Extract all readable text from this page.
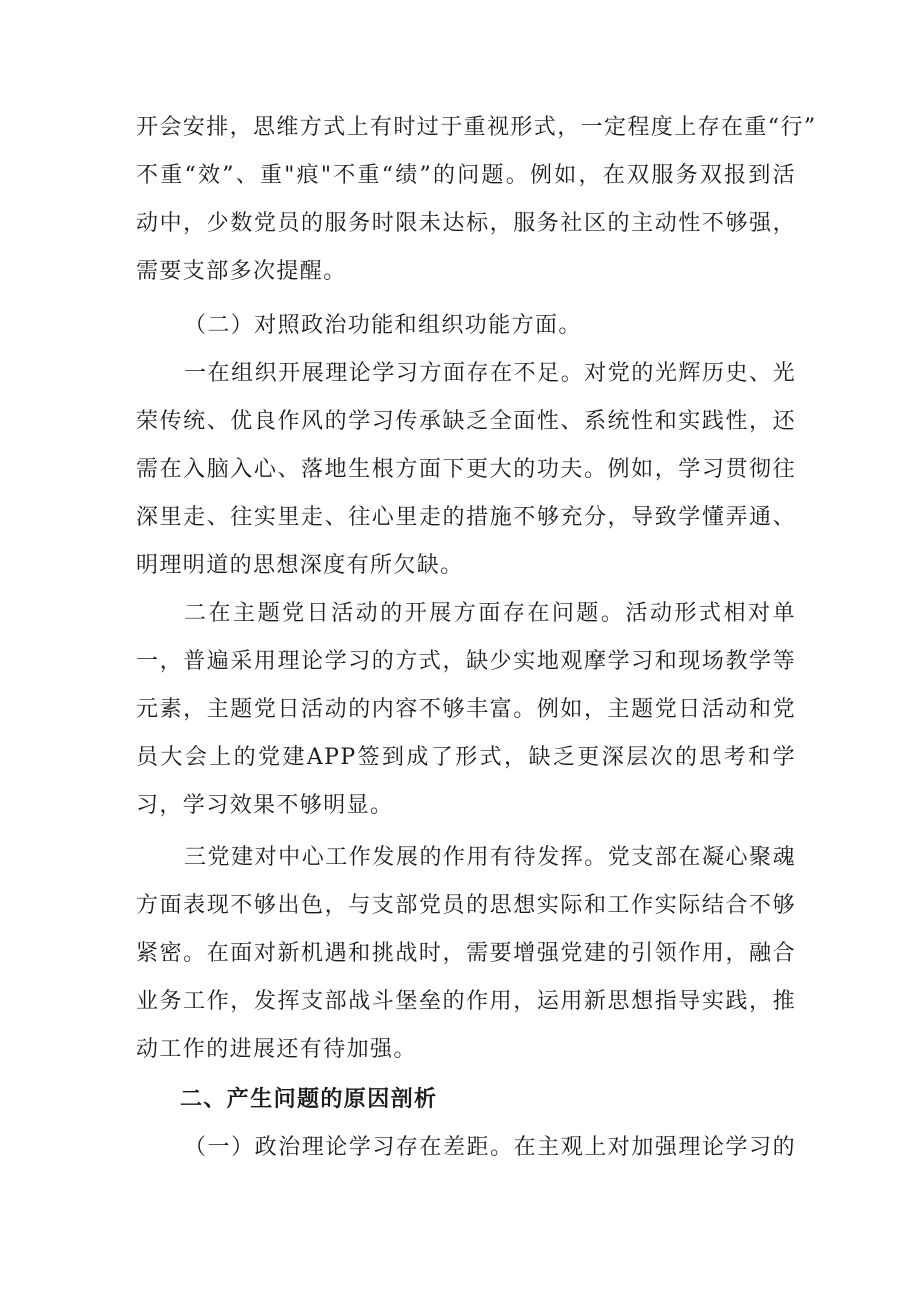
开会安排，思维方式上有时过于重视形式，一定程度上存在重“行”
不重“效”、重"痕"不重“绩”的问题。例如，在双服务双报到活
动中，少数党员的服务时限未达标，服务社区的主动性不够强，
需要支部多次提醒。
（二）对照政治功能和组织功能方面。
一在组织开展理论学习方面存在不足。对党的光辉历史、光
荣传统、优良作风的学习传承缺乏全面性、系统性和实践性，还
需在入脑入心、落地生根方面下更大的功夫。例如，学习贯彻往
深里走、往实里走、往心里走的措施不够充分，导致学懂弄通、
明理明道的思想深度有所欠缺。
二在主题党日活动的开展方面存在问题。活动形式相对单
一，普遍采用理论学习的方式，缺少实地观摩学习和现场教学等
元素，主题党日活动的内容不够丰富。例如，主题党日活动和党
员大会上的党建APP签到成了形式，缺乏更深层次的思考和学
习，学习效果不够明显。
三党建对中心工作发展的作用有待发挥。党支部在凝心聚魂
方面表现不够出色，与支部党员的思想实际和工作实际结合不够
紧密。在面对新机遇和挑战时，需要增强党建的引领作用，融合
业务工作，发挥支部战斗堡垒的作用，运用新思想指导实践，推
动工作的进展还有待加强。
二、产生问题的原因剖析
（一）政治理论学习存在差距。在主观上对加强理论学习的
